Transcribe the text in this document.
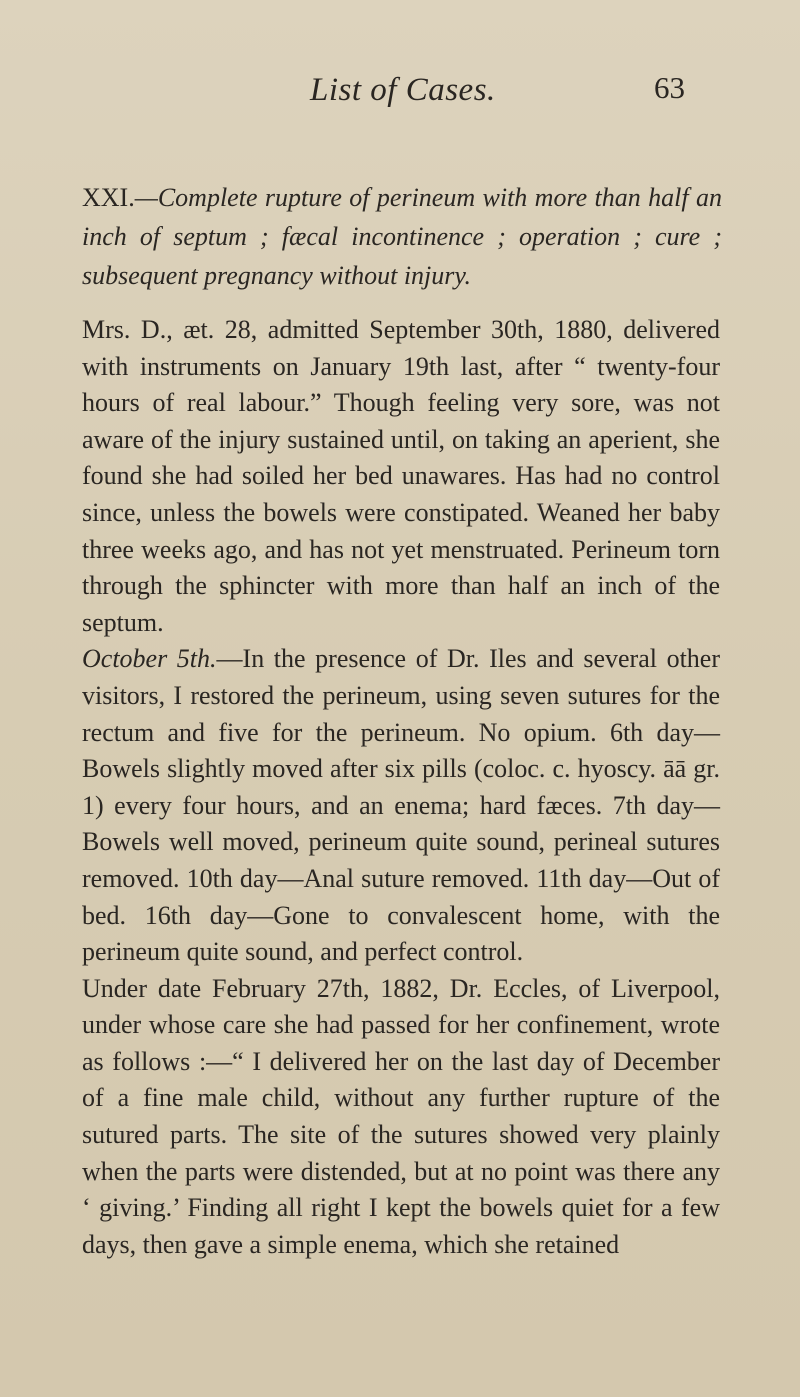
List of Cases.	63
XXI.—Complete rupture of perineum with more than half an inch of septum ; fæcal incontinence ; operation ; cure ; subsequent pregnancy without injury.

Mrs. D., æt. 28, admitted September 30th, 1880, delivered with instruments on January 19th last, after “ twenty-four hours of real labour.” Though feeling very sore, was not aware of the injury sustained until, on taking an aperient, she found she had soiled her bed unawares. Has had no control since, unless the bowels were constipated. Weaned her baby three weeks ago, and has not yet menstruated. Perineum torn through the sphincter with more than half an inch of the septum.

October 5th.—In the presence of Dr. Iles and several other visitors, I restored the perineum, using seven sutures for the rectum and five for the perineum. No opium. 6th day—Bowels slightly moved after six pills (coloc. c. hyoscy. āā gr. 1) every four hours, and an enema; hard fæces. 7th day—Bowels well moved, perineum quite sound, perineal sutures removed. 10th day—Anal suture removed. 11th day—Out of bed. 16th day—Gone to convalescent home, with the perineum quite sound, and perfect control.

Under date February 27th, 1882, Dr. Eccles, of Liverpool, under whose care she had passed for her confinement, wrote as follows :—“ I delivered her on the last day of December of a fine male child, without any further rupture of the sutured parts. The site of the sutures showed very plainly when the parts were distended, but at no point was there any ‘ giving.’ Finding all right I kept the bowels quiet for a few days, then gave a simple enema, which she retained
